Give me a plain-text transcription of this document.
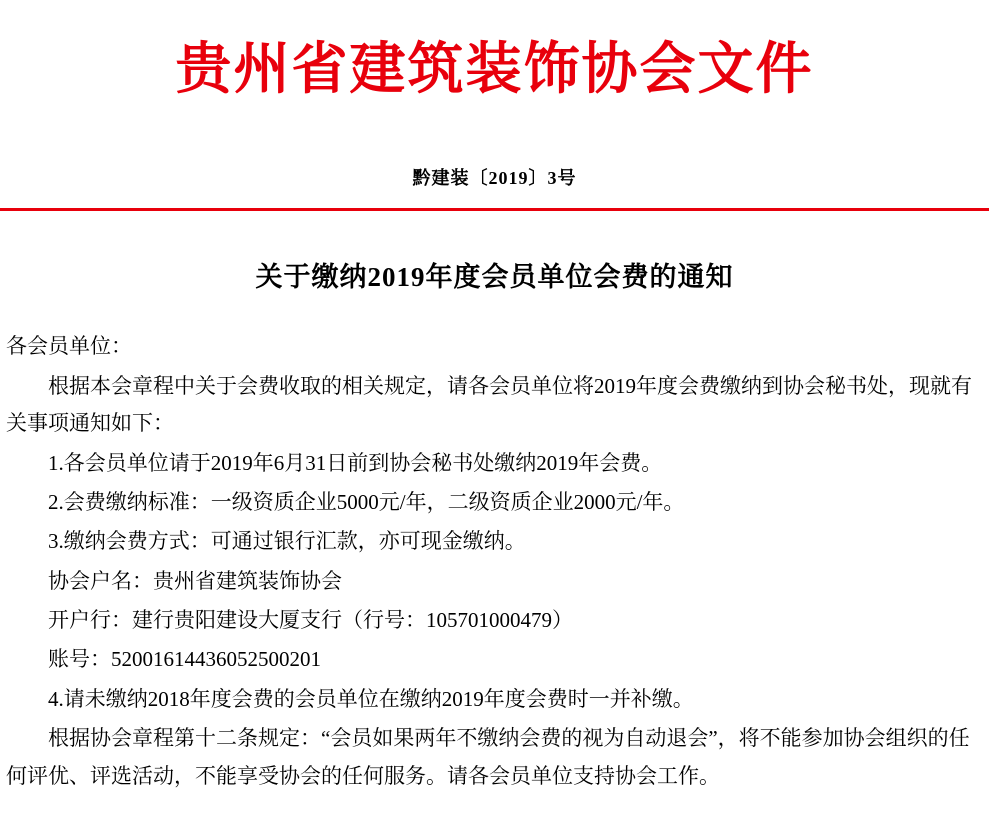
贵州省建筑装饰协会文件
黔建装〔2019〕3号
关于缴纳2019年度会员单位会费的通知

各会员单位：

根据本会章程中关于会费收取的相关规定，请各会员单位将2019年度会费缴纳到协会秘书处，现就有关事项通知如下：

1.各会员单位请于2019年6月31日前到协会秘书处缴纳2019年会费。

2.会费缴纳标准：一级资质企业5000元/年，二级资质企业2000元/年。

3.缴纳会费方式：可通过银行汇款，亦可现金缴纳。

协会户名：贵州省建筑装饰协会

开户行：建行贵阳建设大厦支行（行号：105701000479）

账号：52001614436052500201

4.请未缴纳2018年度会费的会员单位在缴纳2019年度会费时一并补缴。

根据协会章程第十二条规定：“会员如果两年不缴纳会费的视为自动退会”，将不能参加协会组织的任何评优、评选活动，不能享受协会的任何服务。请各会员单位支持协会工作。
